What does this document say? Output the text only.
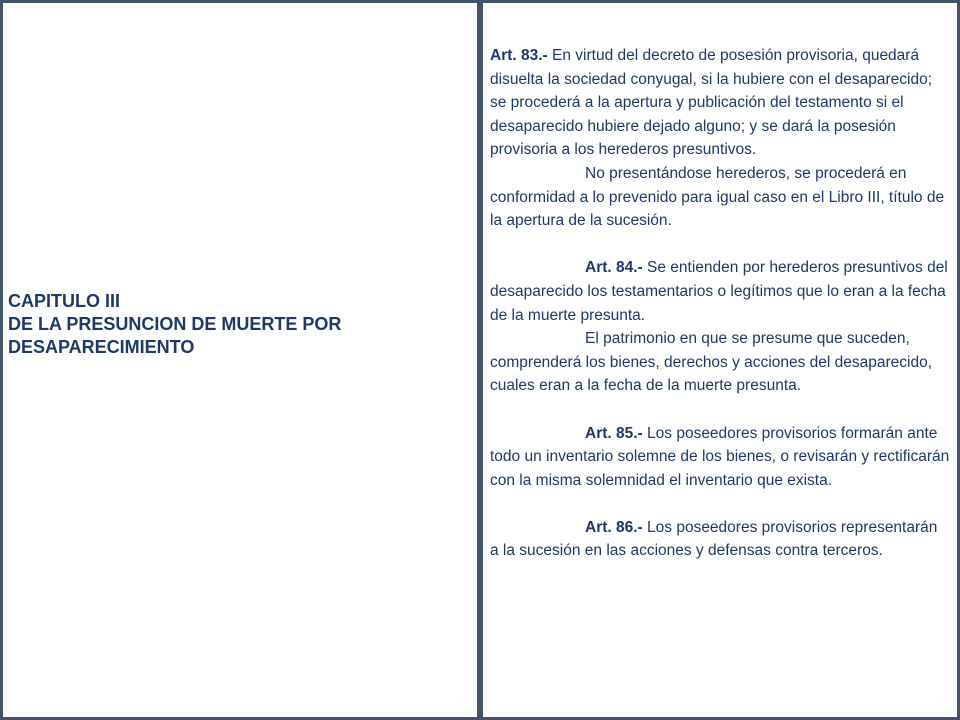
CAPITULO III
DE LA PRESUNCION DE MUERTE POR
DESAPARECIMIENTO

Art. 83.- En virtud del decreto de posesión provisoria, quedará disuelta la sociedad conyugal, si la hubiere con el desaparecido; se procederá a la apertura y publicación del testamento si el desaparecido hubiere dejado alguno; y se dará la posesión provisoria a los herederos presuntivos.

No presentándose herederos, se procederá en conformidad a lo prevenido para igual caso en el Libro III, título de la apertura de la sucesión.

Art. 84.- Se entienden por herederos presuntivos del desaparecido los testamentarios o legítimos que lo eran a la fecha de la muerte presunta.

El patrimonio en que se presume que suceden, comprenderá los bienes, derechos y acciones del desaparecido, cuales eran a la fecha de la muerte presunta.

Art. 85.- Los poseedores provisorios formarán ante todo un inventario solemne de los bienes, o revisarán y rectificarán con la misma solemnidad el inventario que exista.

Art. 86.- Los poseedores provisorios representarán a la sucesión en las acciones y defensas contra terceros.
